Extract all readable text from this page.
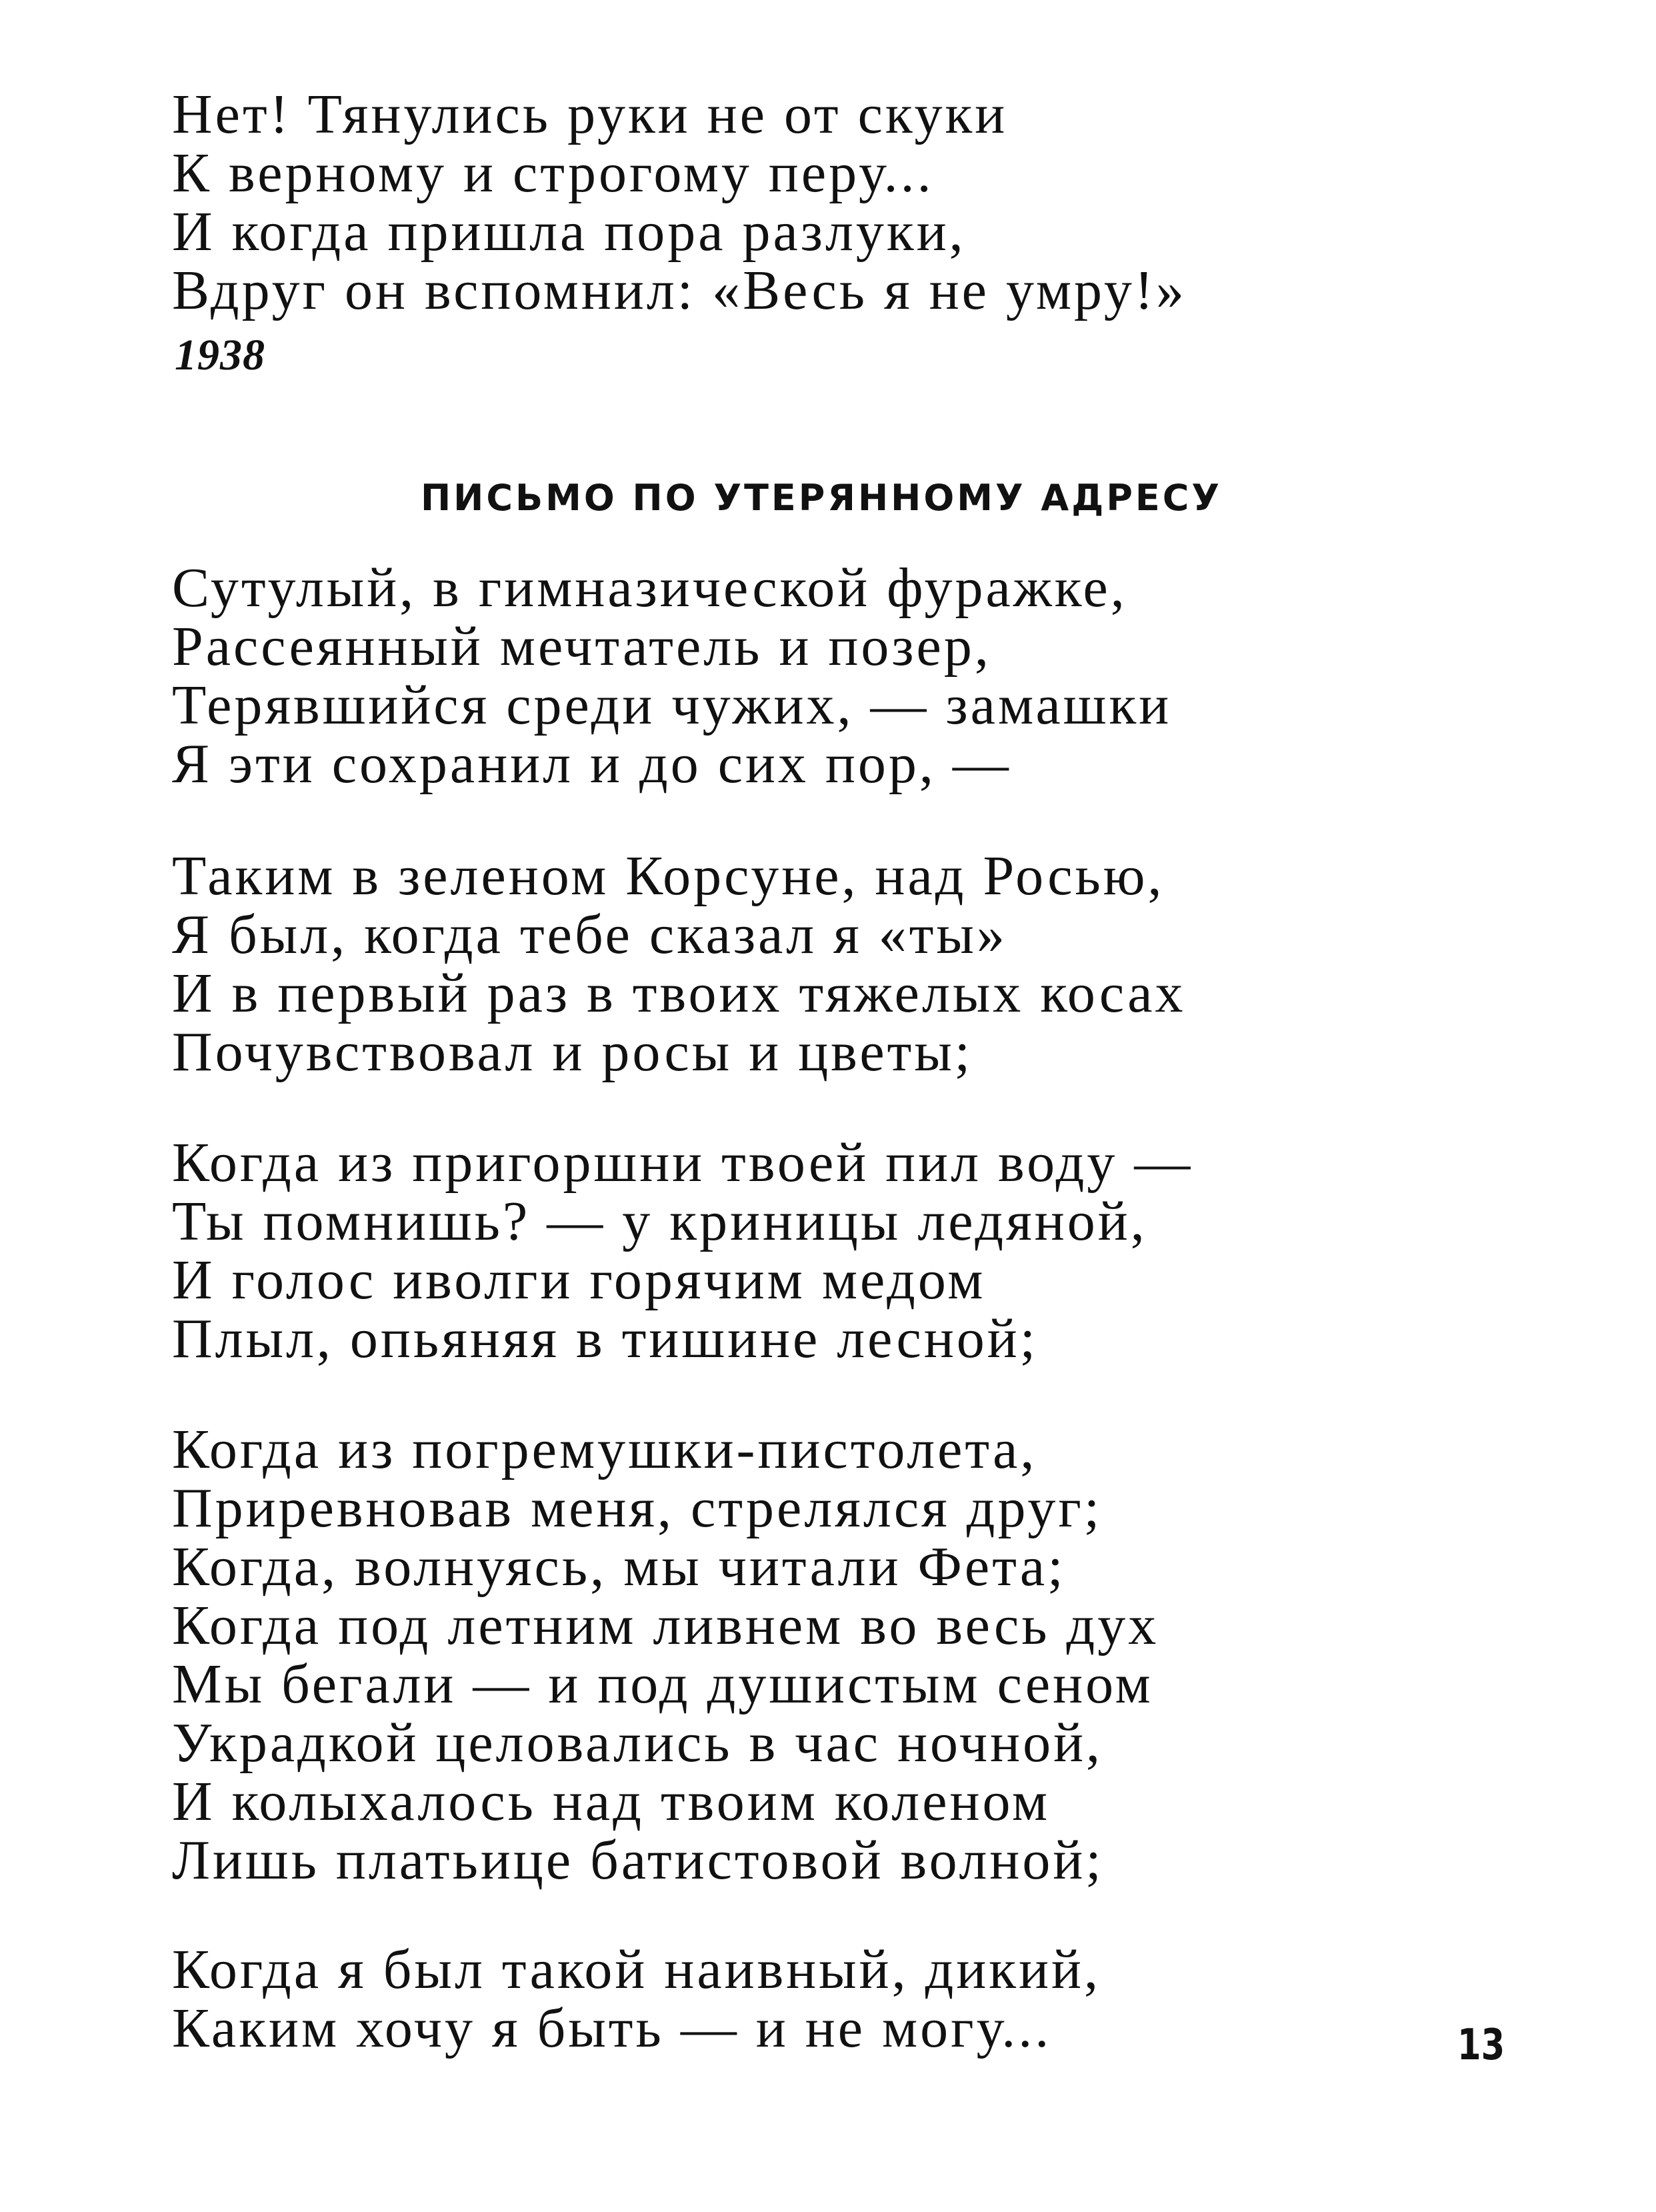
Нет! Тянулись руки не от скуки
К верному и строгому перу...
И когда пришла пора разлуки,
Вдруг он вспомнил: «Весь я не умру!»
1938
ПИСЬМО ПО УТЕРЯННОМУ АДРЕСУ
Сутулый, в гимназической фуражке,
Рассеянный мечтатель и позер,
Терявшийся среди чужих, — замашки
Я эти сохранил и до сих пор, —
Таким в зеленом Корсуне, над Росью,
Я был, когда тебе сказал я «ты»
И в первый раз в твоих тяжелых косах
Почувствовал и росы и цветы;
Когда из пригоршни твоей пил воду —
Ты помнишь? — у криницы ледяной,
И голос иволги горячим медом
Плыл, опьяняя в тишине лесной;
Когда из погремушки-пистолета,
Приревновав меня, стрелялся друг;
Когда, волнуясь, мы читали Фета;
Когда под летним ливнем во весь дух
Мы бегали — и под душистым сеном
Украдкой целовались в час ночной,
И колыхалось над твоим коленом
Лишь платьице батистовой волной;
Когда я был такой наивный, дикий,
Каким хочу я быть — и не могу...	13
